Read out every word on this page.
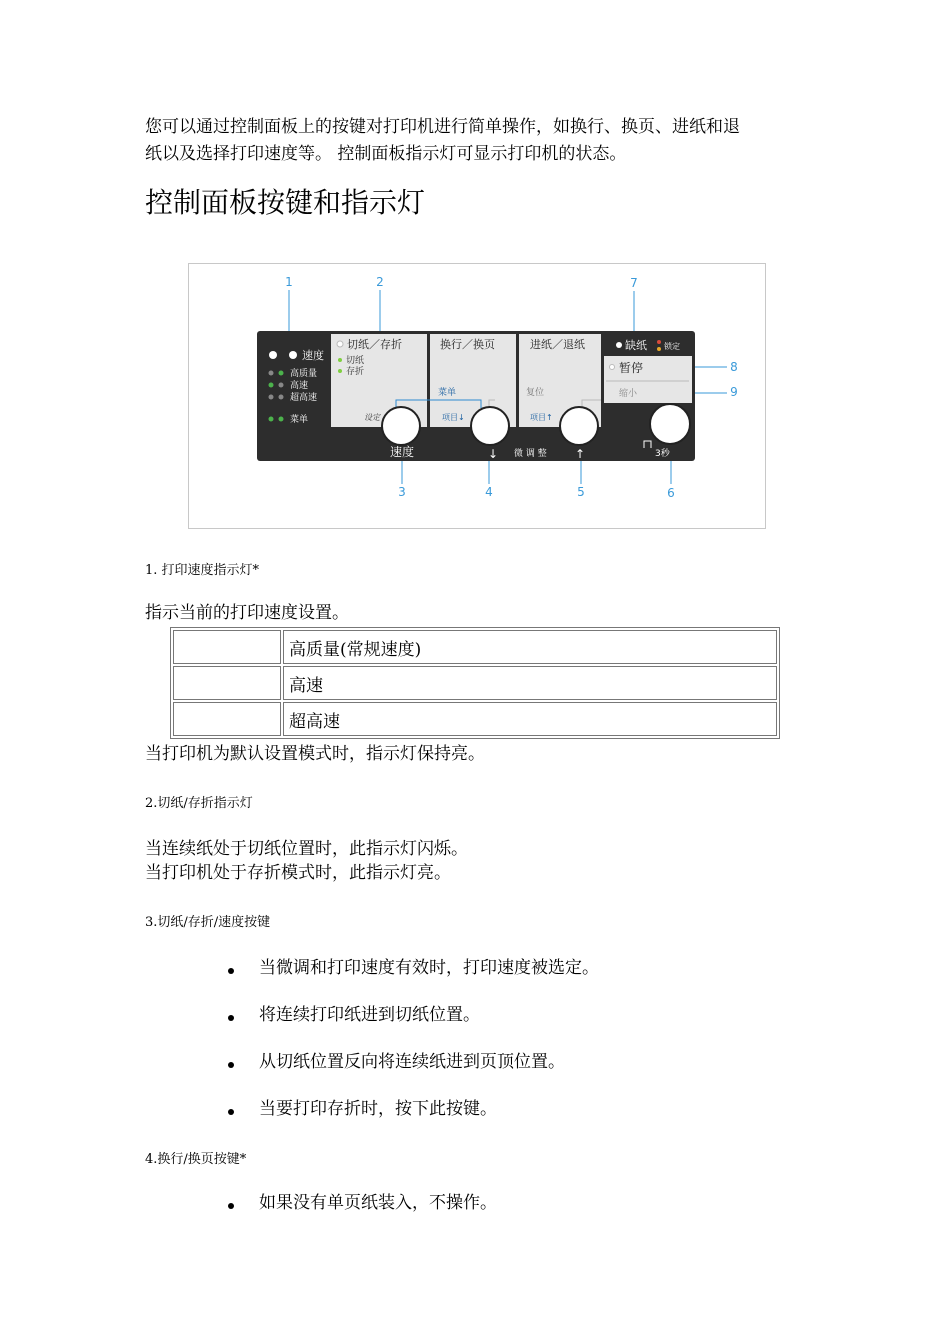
您可以通过控制面板上的按键对打印机进行简单操作，如换行、换页、进纸和退
纸以及选择打印速度等。 控制面板指示灯可显示打印机的状态。
控制面板按键和指示灯
1	2
3	4	5	6
7
8
9
速度
高质量
高速
超高速
菜单
切纸／存折
切纸
存折
设定
换行／换页
菜单
项目↓
进纸／退纸
复位
项目↑
缺纸 锁定
暂停
缩小
速度	↓ 微 调 整 ↑	3秒
1. 打印速度指示灯*
指示当前的打印速度设置。
	高质量(常规速度)
	高速
	超高速
当打印机为默认设置模式时，指示灯保持亮。
2.切纸/存折指示灯
当连续纸处于切纸位置时，此指示灯闪烁。
当打印机处于存折模式时，此指示灯亮。
3.切纸/存折/速度按键
当微调和打印速度有效时，打印速度被选定。
将连续打印纸进到切纸位置。
从切纸位置反向将连续纸进到页顶位置。
当要打印存折时，按下此按键。
4.换行/换页按键*
如果没有单页纸装入，不操作。
